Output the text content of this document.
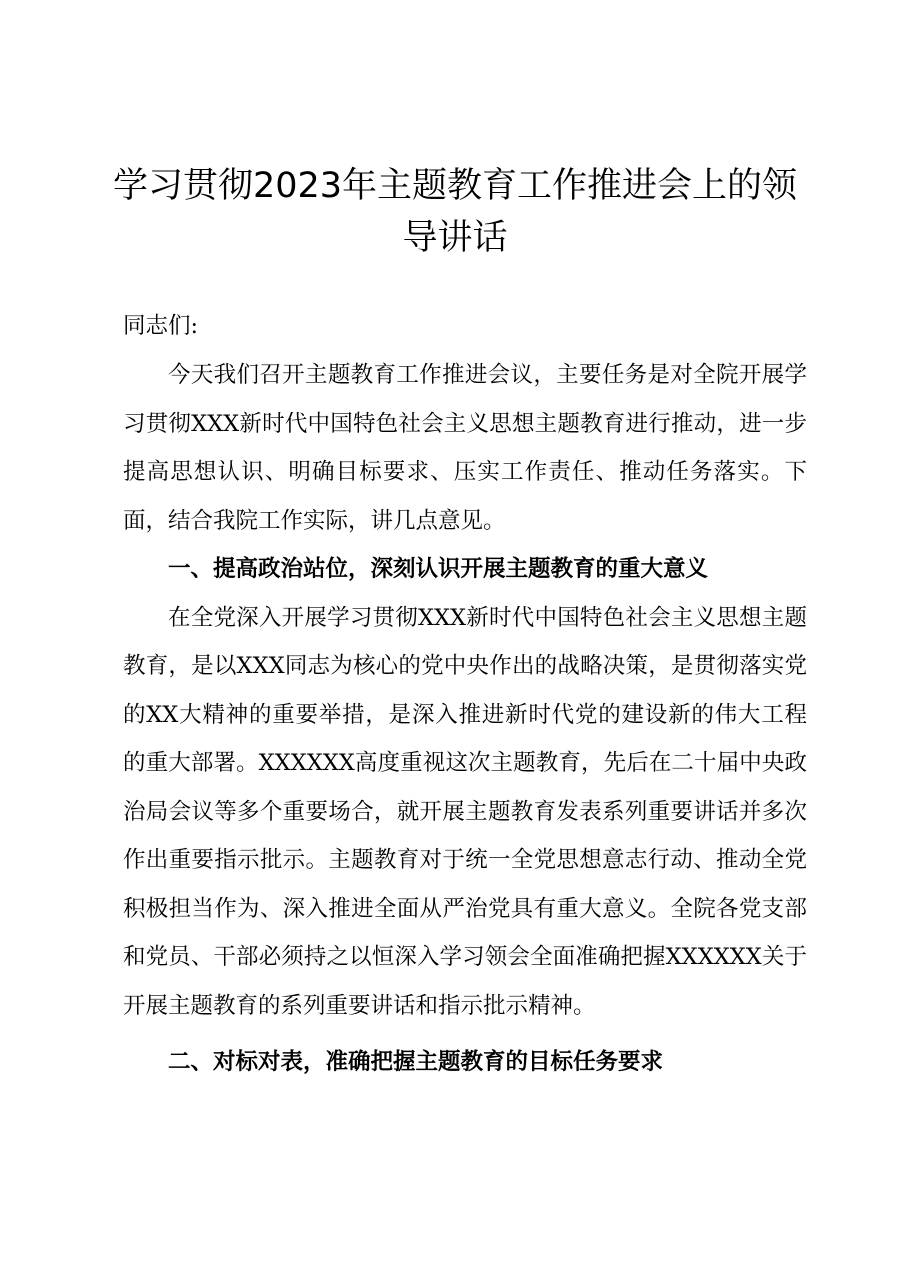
学习贯彻2023年主题教育工作推进会上的领导讲话

同志们:

今天我们召开主题教育工作推进会议，主要任务是对全院开展学习贯彻XXX新时代中国特色社会主义思想主题教育进行推动，进一步提高思想认识、明确目标要求、压实工作责任、推动任务落实。下面，结合我院工作实际，讲几点意见。

一、提高政治站位，深刻认识开展主题教育的重大意义

在全党深入开展学习贯彻XXX新时代中国特色社会主义思想主题教育，是以XXX同志为核心的党中央作出的战略决策，是贯彻落实党的XX大精神的重要举措，是深入推进新时代党的建设新的伟大工程的重大部署。XXXXXX高度重视这次主题教育，先后在二十届中央政治局会议等多个重要场合，就开展主题教育发表系列重要讲话并多次作出重要指示批示。主题教育对于统一全党思想意志行动、推动全党积极担当作为、深入推进全面从严治党具有重大意义。全院各党支部和党员、干部必须持之以恒深入学习领会全面准确把握XXXXXX关于开展主题教育的系列重要讲话和指示批示精神。

二、对标对表，准确把握主题教育的目标任务要求
